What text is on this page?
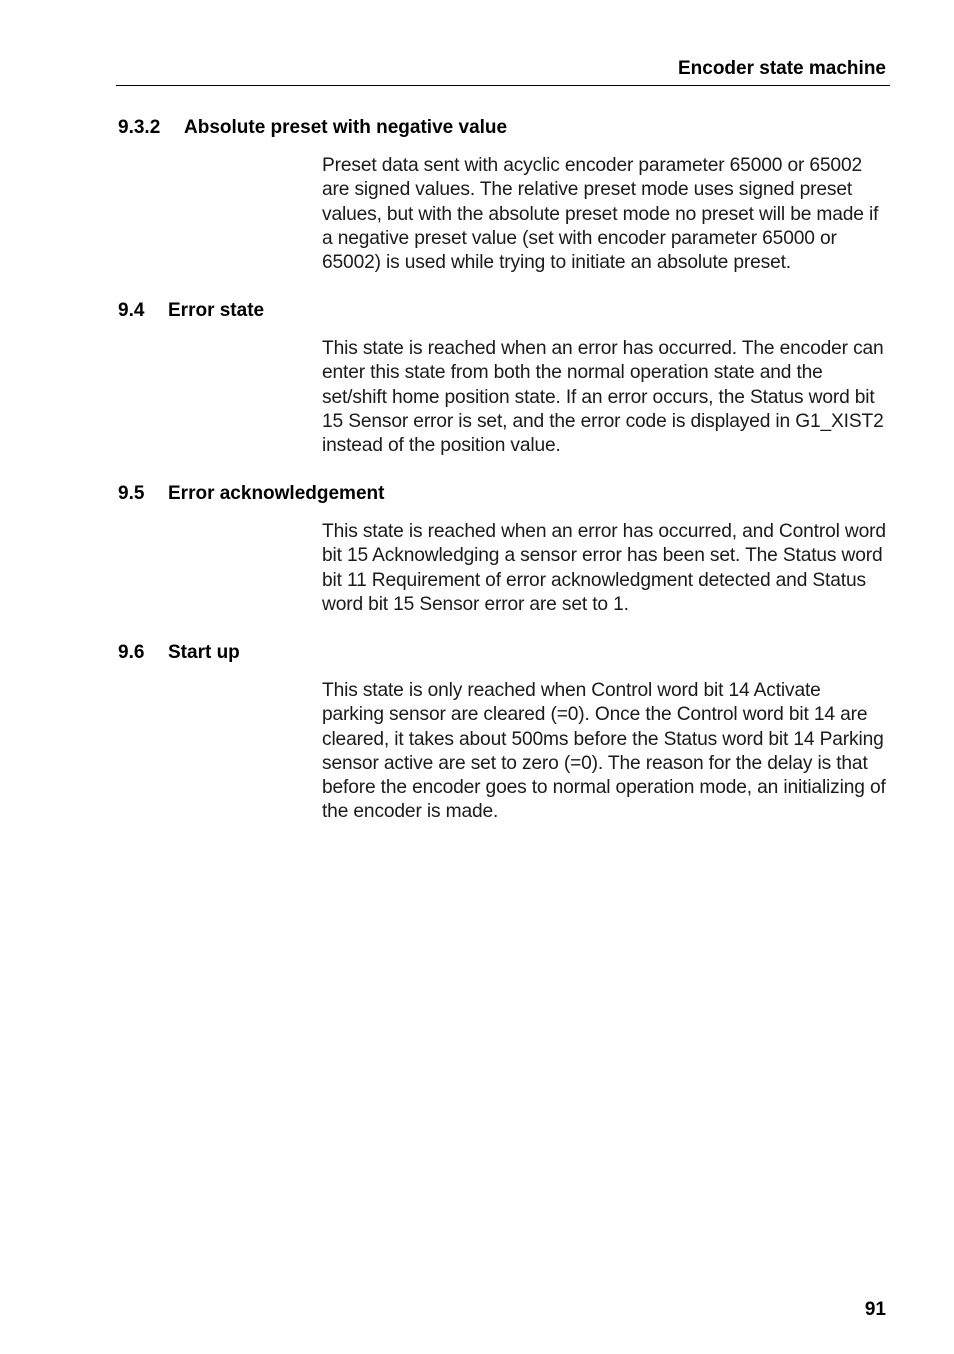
Encoder state machine
9.3.2 Absolute preset with negative value
Preset data sent with acyclic encoder parameter 65000 or 65002 are signed values. The relative preset mode uses signed preset values, but with the absolute preset mode no preset will be made if a negative preset value (set with encoder parameter 65000 or 65002) is used while trying to initiate an absolute preset.
9.4 Error state
This state is reached when an error has occurred. The encoder can enter this state from both the normal operation state and the set/shift home position state. If an error occurs, the Status word bit 15 Sensor error is set, and the error code is displayed in G1_XIST2 instead of the position value.
9.5 Error acknowledgement
This state is reached when an error has occurred, and Control word bit 15 Acknowledging a sensor error has been set. The Status word bit 11 Requirement of error acknowledgment detected and Status word bit 15 Sensor error are set to 1.
9.6 Start up
This state is only reached when Control word bit 14 Activate parking sensor are cleared (=0). Once the Control word bit 14 are cleared, it takes about 500ms before the Status word bit 14 Parking sensor active are set to zero (=0). The reason for the delay is that before the encoder goes to normal operation mode, an initializing of the encoder is made.
91
